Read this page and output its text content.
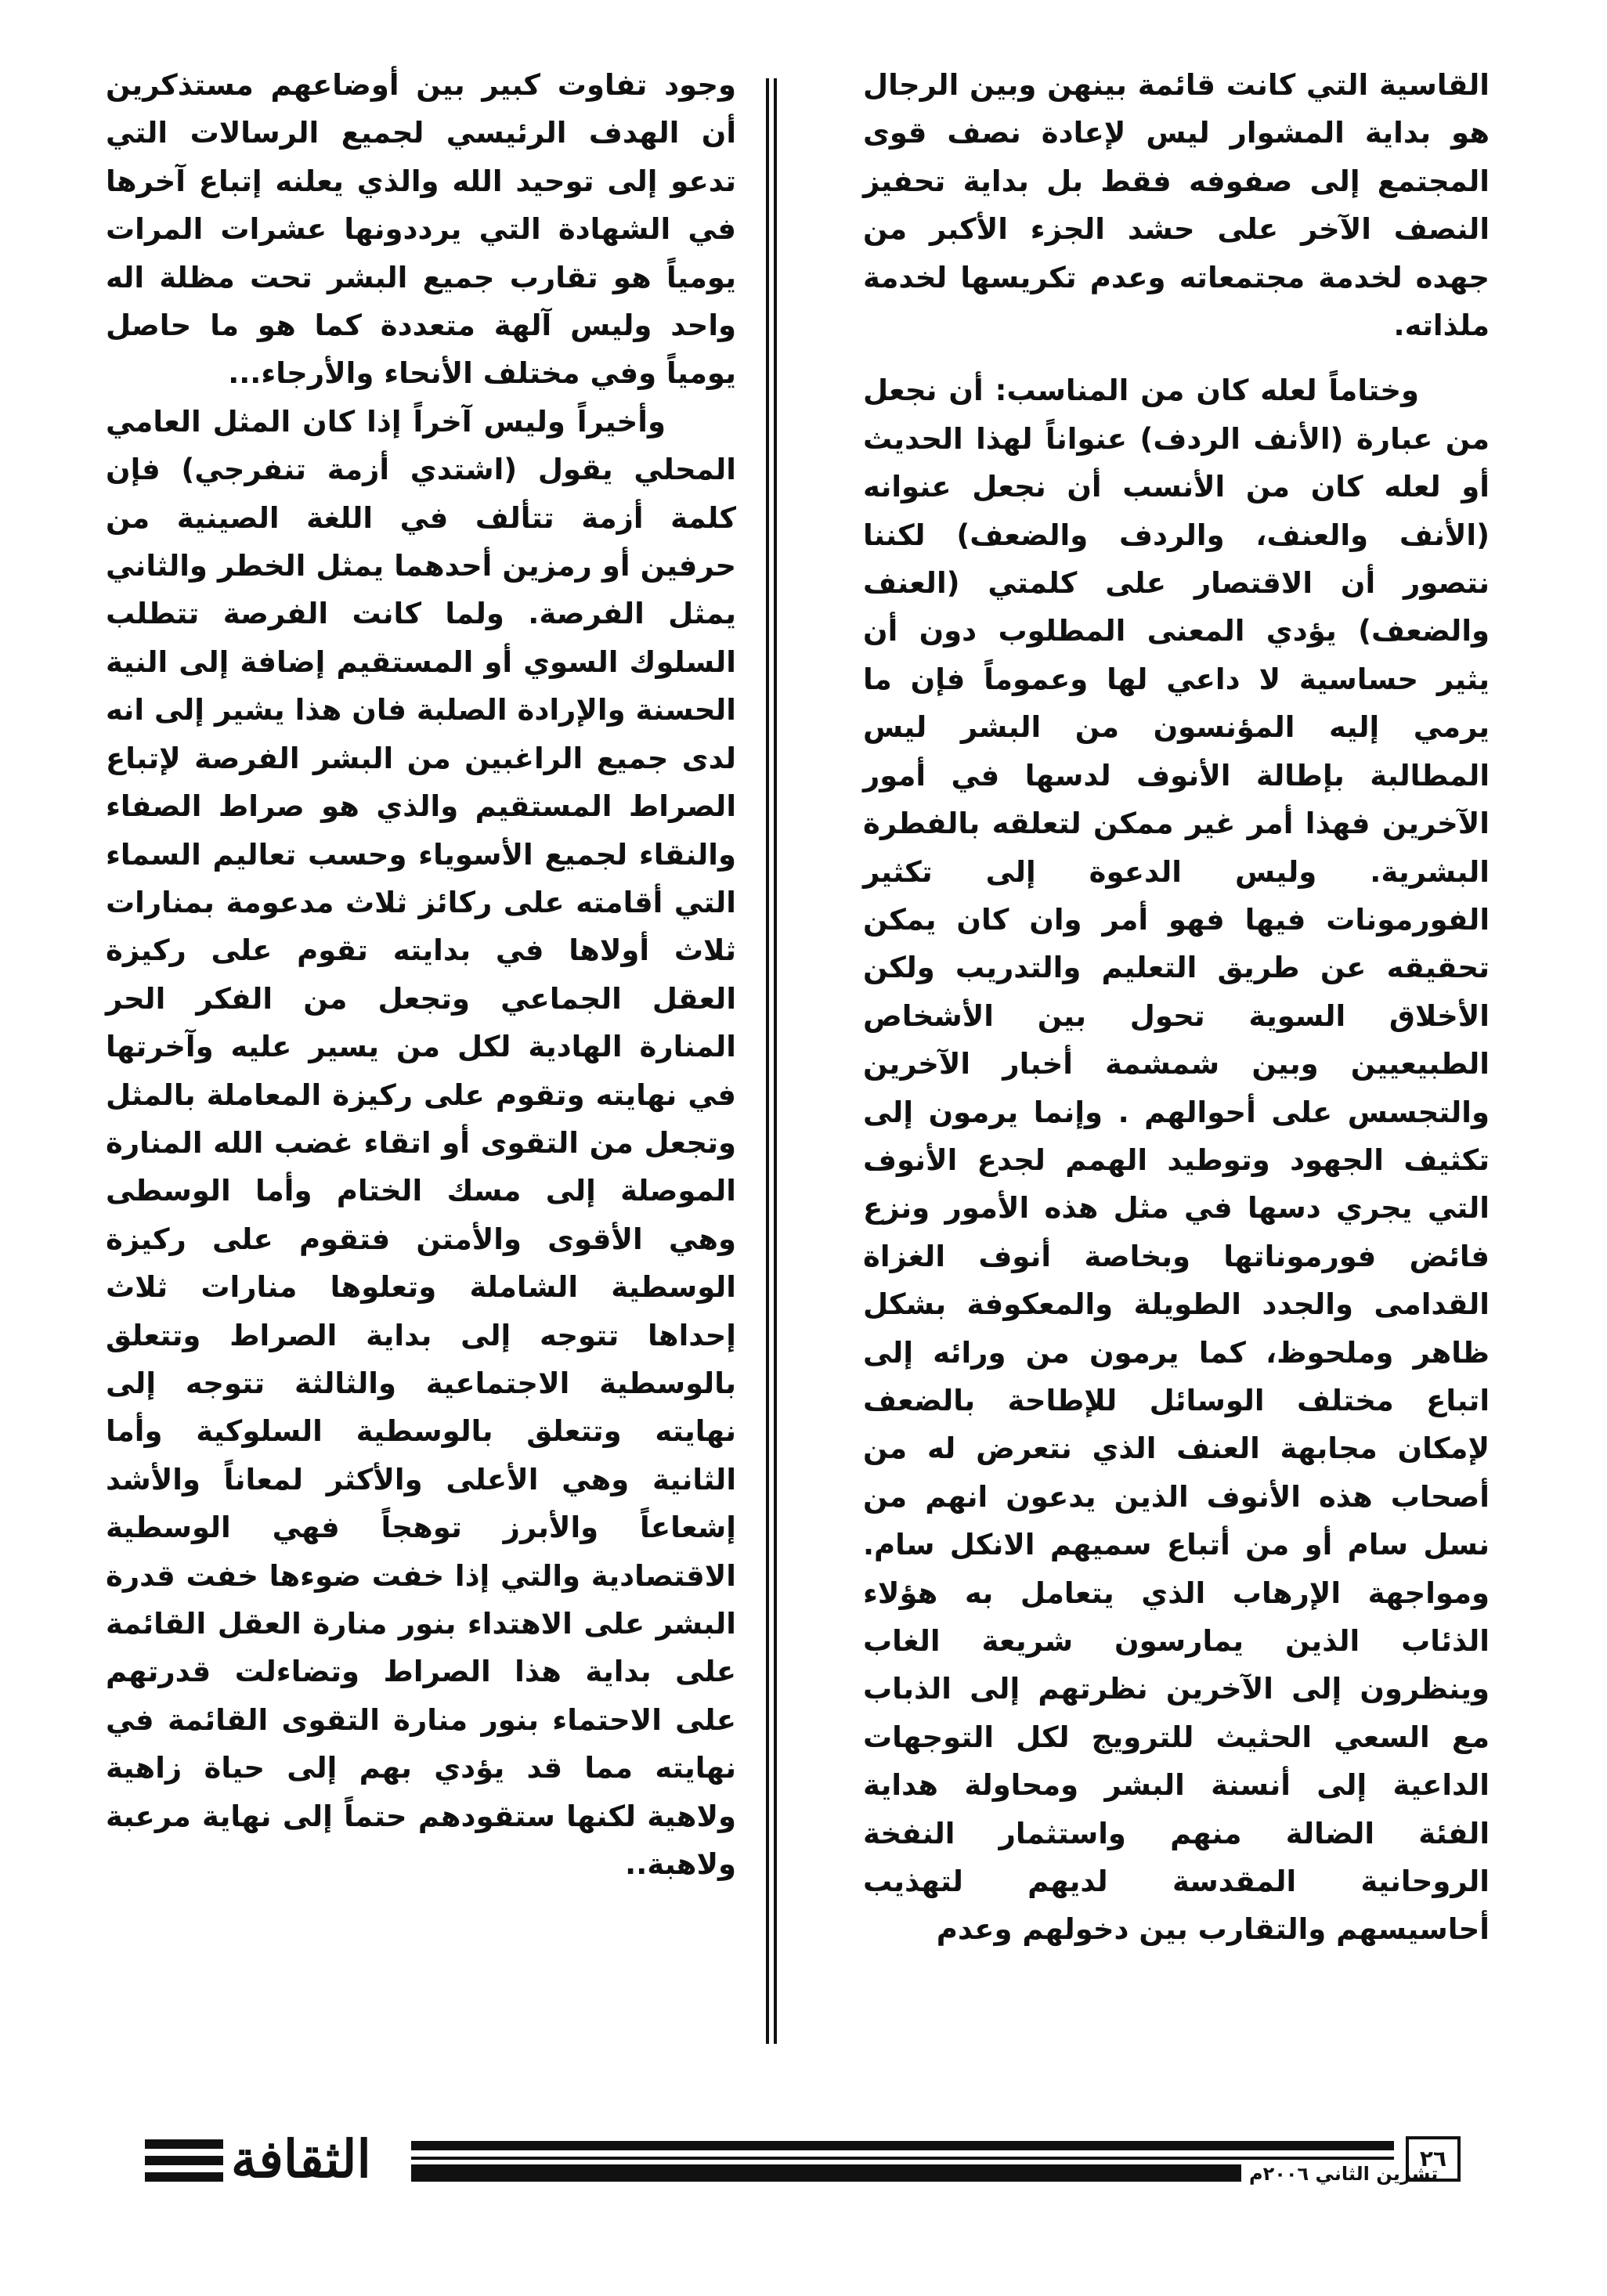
القاسية التي كانت قائمة بينهن وبين الرجال هو بداية المشوار ليس لإعادة نصف قوى المجتمع إلى صفوفه فقط بل بداية تحفيز النصف الآخر على حشد الجزء الأكبر من جهده لخدمة مجتمعاته وعدم تكريسها لخدمة ملذاته.

وختاماً لعله كان من المناسب: أن نجعل من عبارة (الأنف الردف) عنواناً لهذا الحديث أو لعله كان من الأنسب أن نجعل عنوانه (الأنف والعنف، والردف والضعف) لكننا نتصور أن الاقتصار على كلمتي (العنف والضعف) يؤدي المعنى المطلوب دون أن يثير حساسية لا داعي لها وعموماً فإن ما يرمي إليه المؤنسون من البشر ليس المطالبة بإطالة الأنوف لدسها في أمور الآخرين فهذا أمر غير ممكن لتعلقه بالفطرة البشرية. وليس الدعوة إلى تكثير الفورمونات فيها فهو أمر وان كان يمكن تحقيقه عن طريق التعليم والتدريب ولكن الأخلاق السوية تحول بين الأشخاص الطبيعيين وبين شمشمة أخبار الآخرين والتجسس على أحوالهم . وإنما يرمون إلى تكثيف الجهود وتوطيد الهمم لجدع الأنوف التي يجري دسها في مثل هذه الأمور ونزع فائض فورموناتها وبخاصة أنوف الغزاة القدامى والجدد الطويلة والمعكوفة بشكل ظاهر وملحوظ، كما يرمون من ورائه إلى اتباع مختلف الوسائل للإطاحة بالضعف لإمكان مجابهة العنف الذي نتعرض له من أصحاب هذه الأنوف الذين يدعون انهم من نسل سام أو من أتباع سميهم الانكل سام. ومواجهة الإرهاب الذي يتعامل به هؤلاء الذئاب الذين يمارسون شريعة الغاب وينظرون إلى الآخرين نظرتهم إلى الذباب مع السعي الحثيث للترويج لكل التوجهات الداعية إلى أنسنة البشر ومحاولة هداية الفئة الضالة منهم واستثمار النفخة الروحانية المقدسة لديهم لتهذيب أحاسيسهم والتقارب بين دخولهم وعدم

وجود تفاوت كبير بين أوضاعهم مستذكرين أن الهدف الرئيسي لجميع الرسالات التي تدعو إلى توحيد الله والذي يعلنه إتباع آخرها في الشهادة التي يرددونها عشرات المرات يومياً هو تقارب جميع البشر تحت مظلة اله واحد وليس آلهة متعددة كما هو ما حاصل يومياً وفي مختلف الأنحاء والأرجاء...

وأخيراً وليس آخراً إذا كان المثل العامي المحلي يقول (اشتدي أزمة تنفرجي) فإن كلمة أزمة تتألف في اللغة الصينية من حرفين أو رمزين أحدهما يمثل الخطر والثاني يمثل الفرصة. ولما كانت الفرصة تتطلب السلوك السوي أو المستقيم إضافة إلى النية الحسنة والإرادة الصلبة فان هذا يشير إلى انه لدى جميع الراغبين من البشر الفرصة لإتباع الصراط المستقيم والذي هو صراط الصفاء والنقاء لجميع الأسوياء وحسب تعاليم السماء التي أقامته على ركائز ثلاث مدعومة بمنارات ثلاث أولاها في بدايته تقوم على ركيزة العقل الجماعي وتجعل من الفكر الحر المنارة الهادية لكل من يسير عليه وآخرتها في نهايته وتقوم على ركيزة المعاملة بالمثل وتجعل من التقوى أو اتقاء غضب الله المنارة الموصلة إلى مسك الختام وأما الوسطى وهي الأقوى والأمتن فتقوم على ركيزة الوسطية الشاملة وتعلوها منارات ثلاث إحداها تتوجه إلى بداية الصراط وتتعلق بالوسطية الاجتماعية والثالثة تتوجه إلى نهايته وتتعلق بالوسطية السلوكية وأما الثانية وهي الأعلى والأكثر لمعاناً والأشد إشعاعاً والأبرز توهجاً فهي الوسطية الاقتصادية والتي إذا خفت ضوءها خفت قدرة البشر على الاهتداء بنور منارة العقل القائمة على بداية هذا الصراط وتضاءلت قدرتهم على الاحتماء بنور منارة التقوى القائمة في نهايته مما قد يؤدي بهم إلى حياة زاهية ولاهية لكنها ستقودهم حتماً إلى نهاية مرعبة ولاهبة..

الثقافة	تشرين الثاني ٢٠٠٦م
٢٦
